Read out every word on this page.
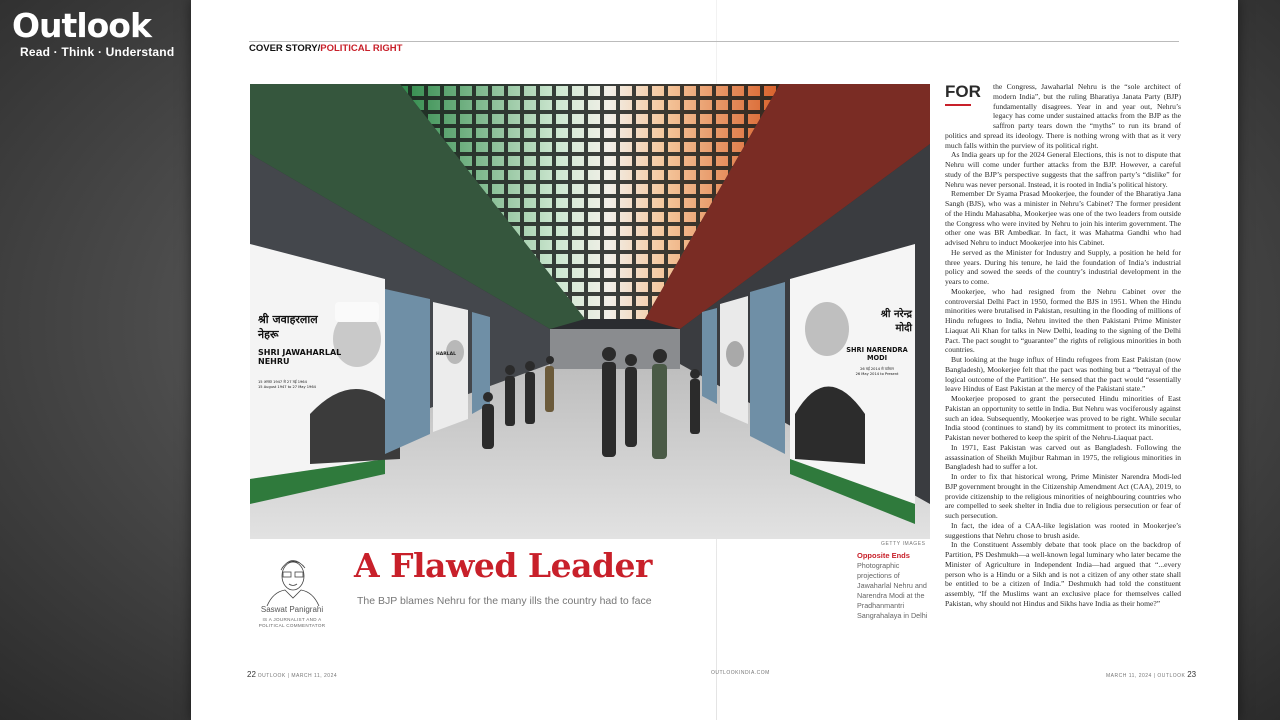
Outlook
Read · Think · Understand	COVER STORY/POLITICAL RIGHT
श्री जवाहरलाल
नेहरू
SHRI JAWAHARLAL
NEHRU
15 अगस्त 1947 से 27 मई 1964
15 August 1947 to 27 May 1964
HARLAL
श्री नरेन्द्र
मोदी
SHRI NARENDRA
MODI
26 मई 2014 से वर्तमान
26 May 2014 to Present
GETTY IMAGES
Saswat Panigrahi
IS A JOURNALIST AND A POLITICAL COMMENTATOR
A Flawed Leader
The BJP blames Nehru for the many ills the country had to face
Opposite Ends
Photographic projections of Jawaharlal Nehru and Narendra Modi at the Pradhanmantri Sangrahalaya in Delhi
FOR	the Congress, Jawaharlal Nehru is the “sole architect of modern India”, but the ruling Bharatiya Janata Party (BJP) fundamentally disagrees. Year in and year out, Nehru’s legacy has come under sustained attacks from the BJP as the saffron party tears down the “myths” to run its brand of politics and spread its ideology. There is nothing wrong with that as it very much falls within the purview of its political right.

As India gears up for the 2024 General Elections, this is not to dispute that Nehru will come under further attacks from the BJP. However, a careful study of the BJP’s perspective suggests that the saffron party’s “dislike” for Nehru was never personal. Instead, it is rooted in India’s political history.

Remember Dr Syama Prasad Mookerjee, the founder of the Bharatiya Jana Sangh (BJS), who was a minister in Nehru’s Cabinet? The former president of the Hindu Mahasabha, Mookerjee was one of the two leaders from outside the Congress who were invited by Nehru to join his interim government. The other one was BR Ambedkar. In fact, it was Mahatma Gandhi who had advised Nehru to induct Mookerjee into his Cabinet.

He served as the Minister for Industry and Supply, a position he held for three years. During his tenure, he laid the foundation of India’s industrial policy and sowed the seeds of the country’s industrial development in the years to come.

Mookerjee, who had resigned from the Nehru Cabinet over the controversial Delhi Pact in 1950, formed the BJS in 1951. When the Hindu minorities were brutalised in Pakistan, resulting in the flooding of millions of Hindu refugees to India, Nehru invited the then Pakistani Prime Minister Liaquat Ali Khan for talks in New Delhi, leading to the signing of the Delhi Pact. The pact sought to “guarantee” the rights of religious minorities in both countries.

But looking at the huge influx of Hindu refugees from East Pakistan (now Bangladesh), Mookerjee felt that the pact was nothing but a “betrayal of the logical outcome of the Partition”. He sensed that the pact would “essentially leave Hindus of East Pakistan at the mercy of the Pakistani state.”

Mookerjee proposed to grant the persecuted Hindu minorities of East Pakistan an opportunity to settle in India. But Nehru was vociferously against such an idea. Subsequently, Mookerjee was proved to be right. While secular India stood (continues to stand) by its commitment to protect its minorities, Pakistan never bothered to keep the spirit of the Nehru-Liaquat pact.

In 1971, East Pakistan was carved out as Bangladesh. Following the assassination of Sheikh Mujibur Rahman in 1975, the religious minorities in Bangladesh had to suffer a lot.

In order to fix that historical wrong, Prime Minister Narendra Modi-led BJP government brought in the Citizenship Amendment Act (CAA), 2019, to provide citizenship to the religious minorities of neighbouring countries who are compelled to seek shelter in India due to religious persecution or fear of such persecution.

In fact, the idea of a CAA-like legislation was rooted in Mookerjee’s suggestions that Nehru chose to brush aside.

In the Constituent Assembly debate that took place on the backdrop of Partition, PS Deshmukh—a well-known legal luminary who later became the Minister of Agriculture in Independent India—had argued that “...every person who is a Hindu or a Sikh and is not a citizen of any other state shall be entitled to be a citizen of India.” Deshmukh had told the constituent assembly, “If the Muslims want an exclusive place for themselves called Pakistan, why should not Hindus and Sikhs have India as their home?”

22 OUTLOOK | MARCH 11, 2024	OUTLOOKINDIA.COM	MARCH 11, 2024 | OUTLOOK 23
